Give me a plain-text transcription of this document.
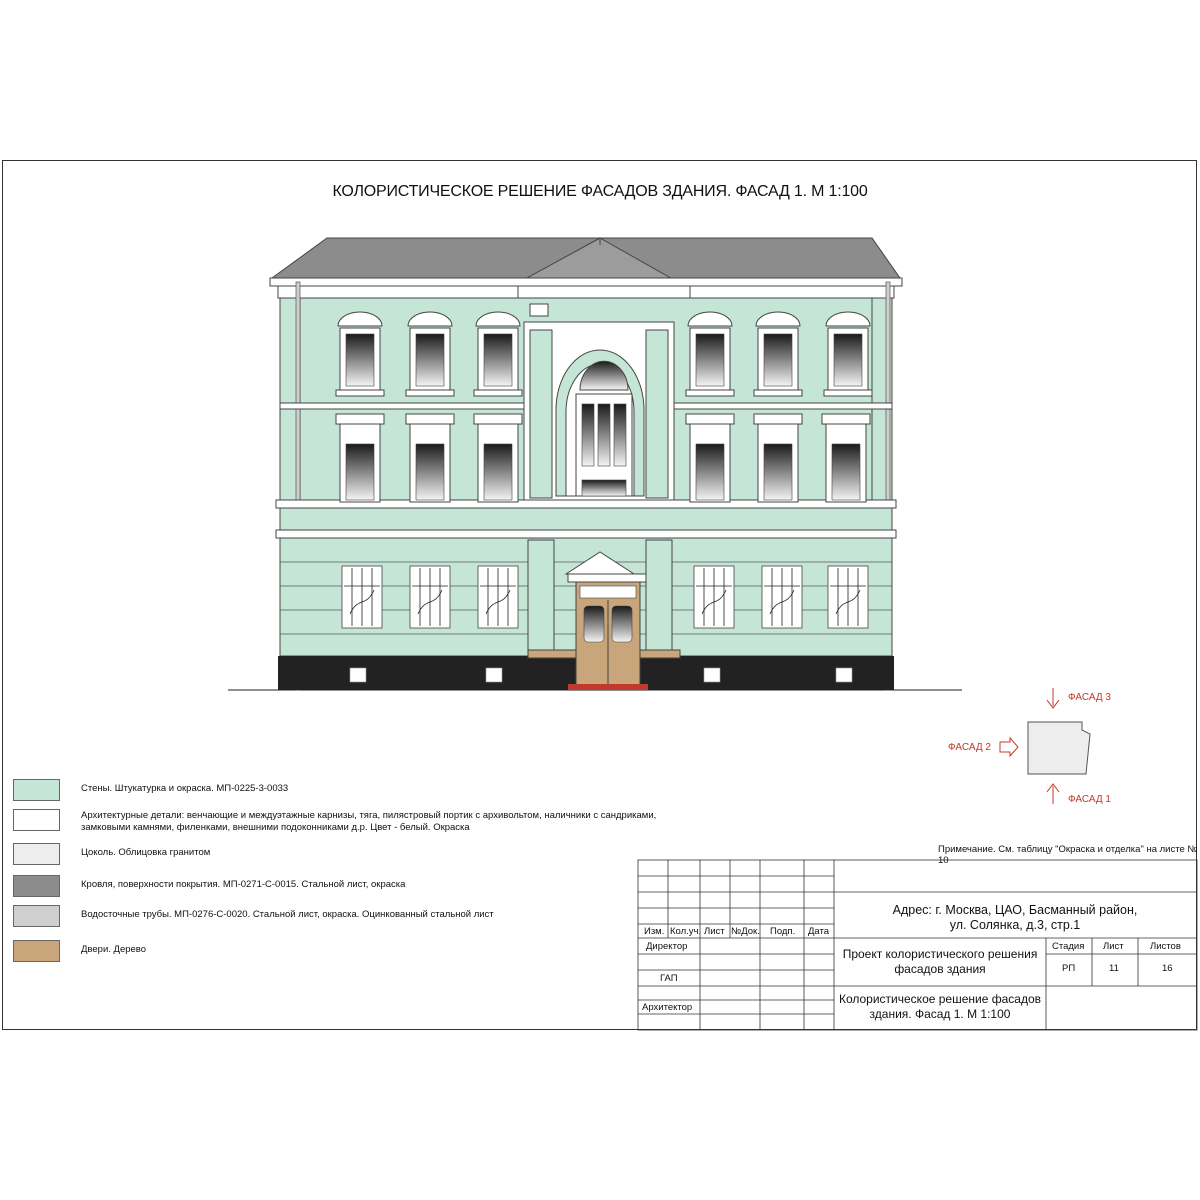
КОЛОРИСТИЧЕСКОЕ РЕШЕНИЕ ФАСАДОВ ЗДАНИЯ. ФАСАД 1. М 1:100
Стены. Штукатурка и окраска. МП-0225-3-0033
Архитектурные детали: венчающие и междуэтажные карнизы, тяга, пилястровый портик с архивольтом, наличники с сандриками, замковыми камнями, филенками, внешними подоконниками д.р. Цвет - белый. Окраска
Цоколь. Облицовка гранитом
Кровля, поверхности покрытия. МП-0271-С-0015. Стальной лист, окраска
Водосточные трубы. МП-0276-С-0020. Стальной лист, окраска. Оцинкованный стальной лист
Двери. Дерево
ФАСАД 3
ФАСАД 2
ФАСАД 1
Примечание. См. таблицу "Окраска и отделка" на листе № 10
Изм. Кол.уч. Лист №Док. Подп. Дата
Директор
ГАП
Архитектор
Адрес: г. Москва, ЦАО, Басманный район,
ул. Солянка, д.3, стр.1
Проект колористического решения
фасадов здания
Колористическое решение фасадов
здания. Фасад 1. М 1:100
Стадия Лист	Листов
РП	11	16
